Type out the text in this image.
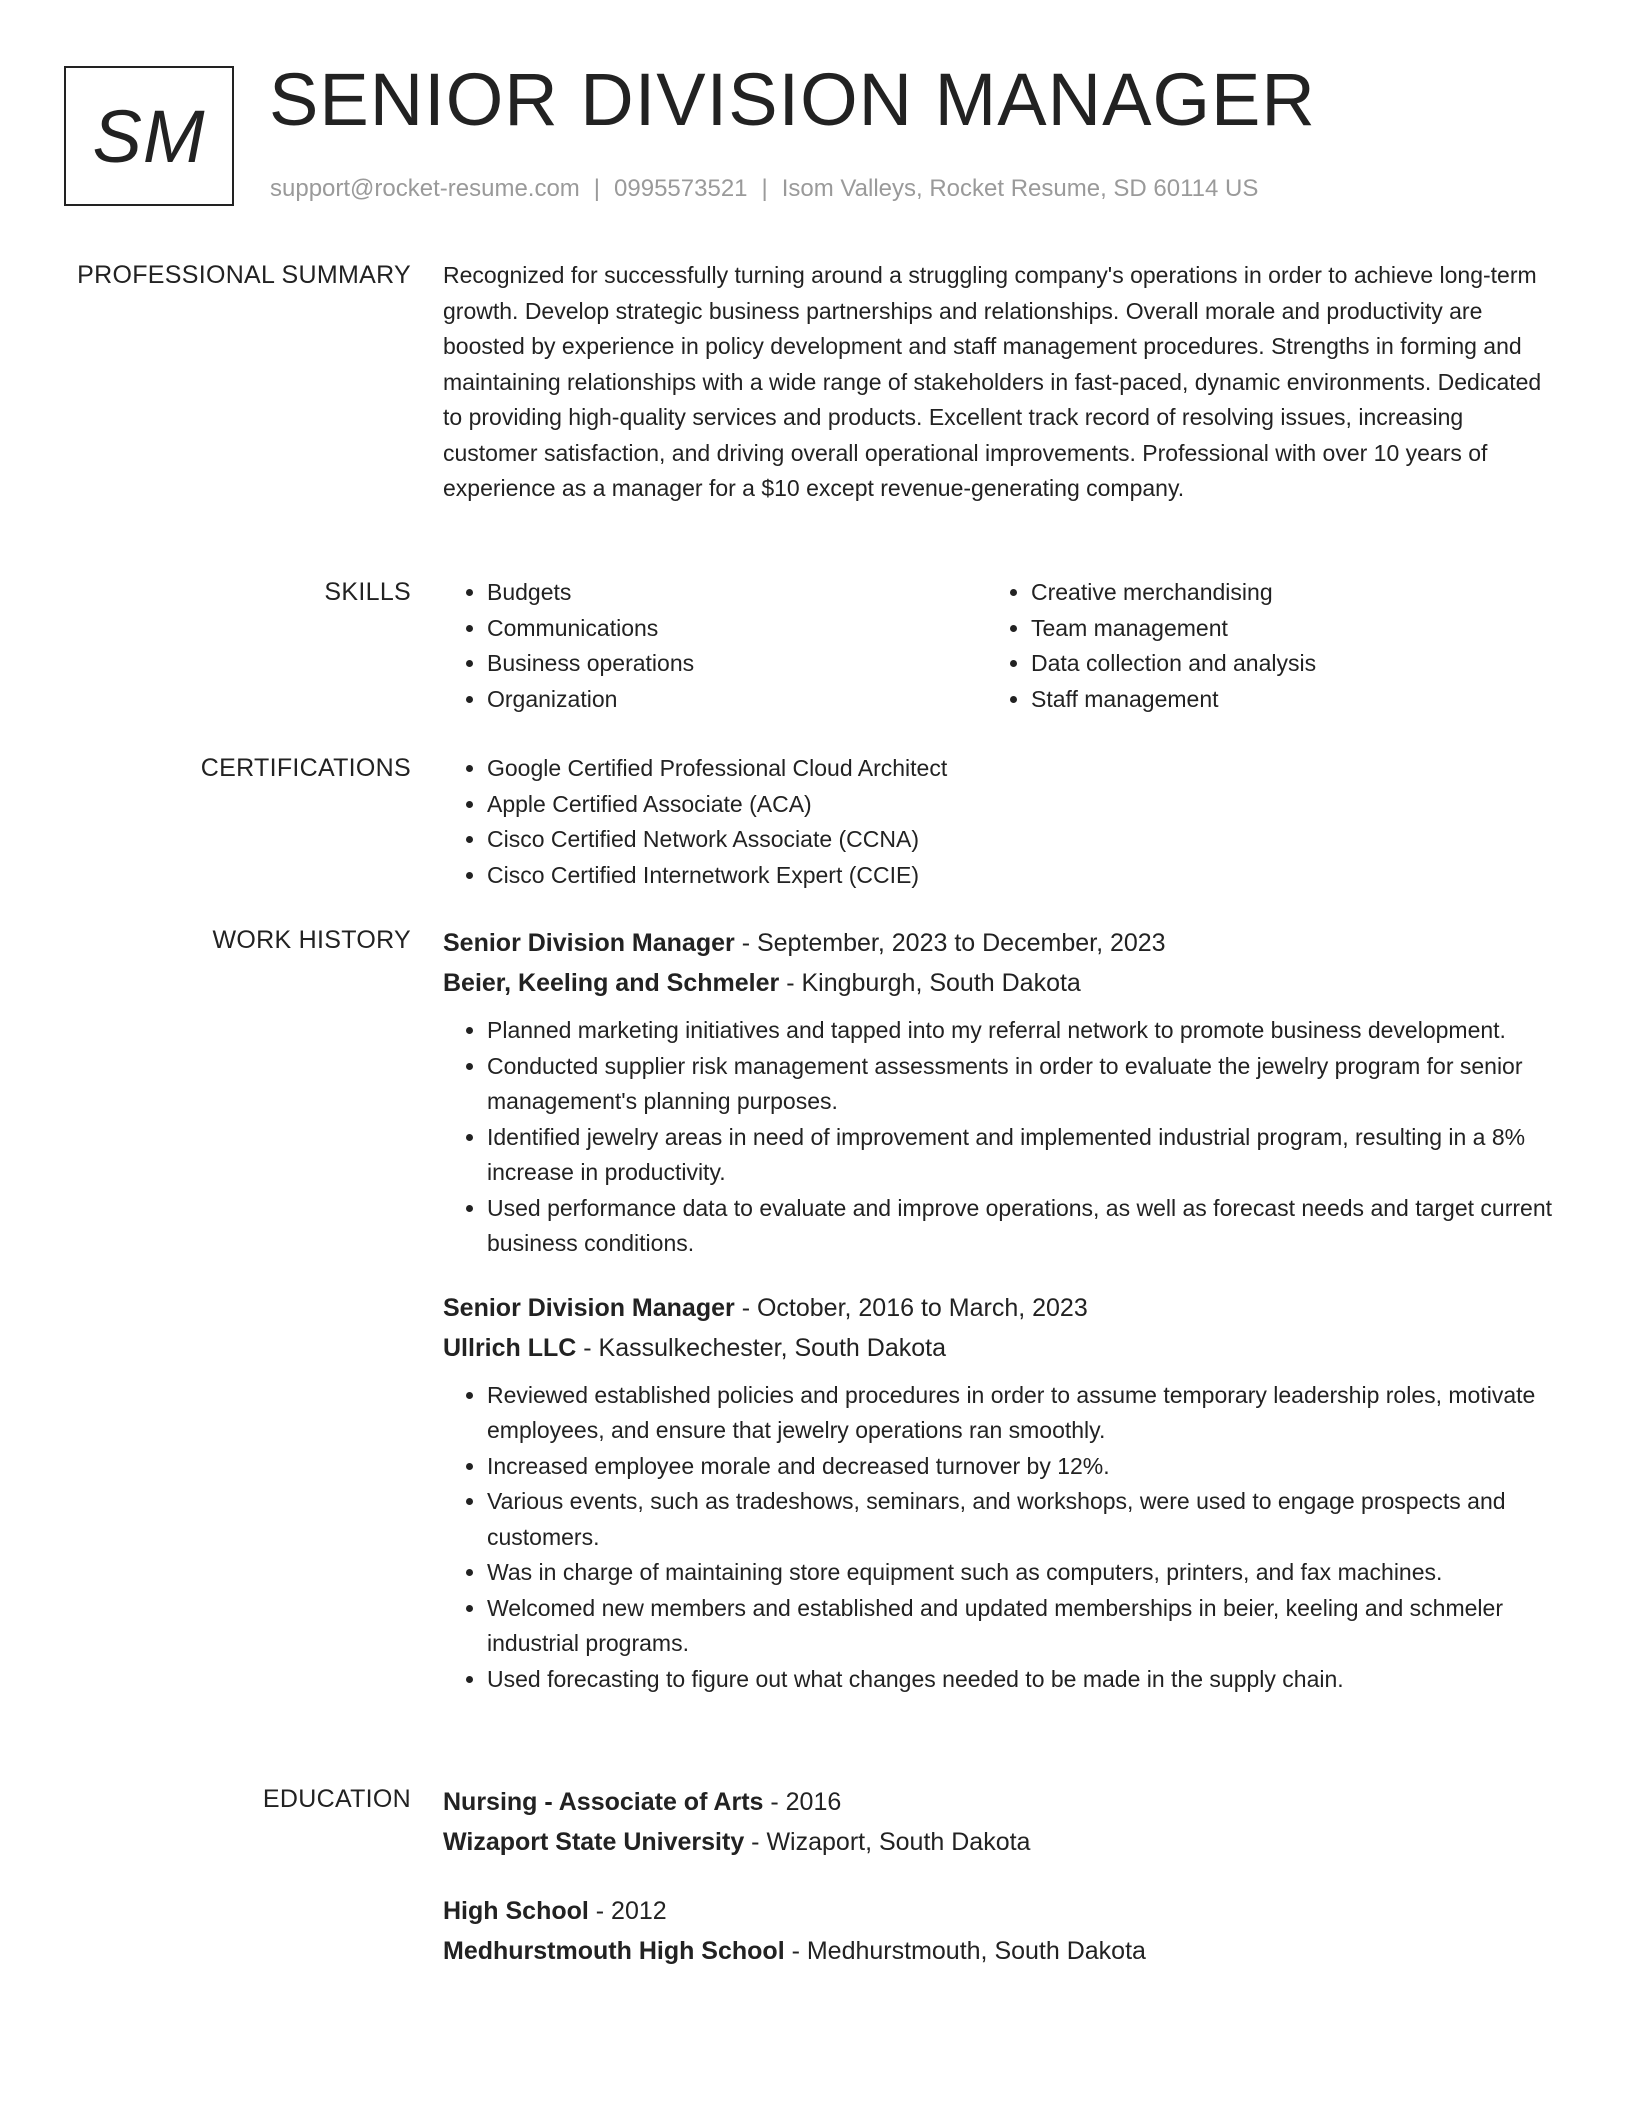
SM SENIOR DIVISION MANAGER
support@rocket-resume.com | 0995573521 | Isom Valleys, Rocket Resume, SD 60114 US
PROFESSIONAL SUMMARY Recognized for successfully turning around a struggling company's operations in order to achieve long-term growth. Develop strategic business partnerships and relationships. Overall morale and productivity are boosted by experience in policy development and staff management procedures. Strengths in forming and maintaining relationships with a wide range of stakeholders in fast-paced, dynamic environments. Dedicated to providing high-quality services and products. Excellent track record of resolving issues, increasing customer satisfaction, and driving overall operational improvements. Professional with over 10 years of experience as a manager for a $10 except revenue-generating company.

SKILLS	• Budgets
• Communications
• Business operations
• Organization
• Creative merchandising
• Team management
• Data collection and analysis
• Staff management
CERTIFICATIONS	• Google Certified Professional Cloud Architect
• Apple Certified Associate (ACA)
• Cisco Certified Network Associate (CCNA)
• Cisco Certified Internetwork Expert (CCIE)
WORK HISTORY Senior Division Manager - September, 2023 to December, 2023
Beier, Keeling and Schmeler - Kingburgh, South Dakota
• Planned marketing initiatives and tapped into my referral network to promote business development.
• Conducted supplier risk management assessments in order to evaluate the jewelry program for senior management's planning purposes.
• Identified jewelry areas in need of improvement and implemented industrial program, resulting in a 8% increase in productivity.
• Used performance data to evaluate and improve operations, as well as forecast needs and target current business conditions.
Senior Division Manager - October, 2016 to March, 2023
Ullrich LLC - Kassulkechester, South Dakota
• Reviewed established policies and procedures in order to assume temporary leadership roles, motivate employees, and ensure that jewelry operations ran smoothly.
• Increased employee morale and decreased turnover by 12%.
• Various events, such as tradeshows, seminars, and workshops, were used to engage prospects and customers.
• Was in charge of maintaining store equipment such as computers, printers, and fax machines.
• Welcomed new members and established and updated memberships in beier, keeling and schmeler industrial programs.
• Used forecasting to figure out what changes needed to be made in the supply chain.
EDUCATION Nursing - Associate of Arts - 2016
Wizaport State University - Wizaport, South Dakota
High School - 2012
Medhurstmouth High School - Medhurstmouth, South Dakota
